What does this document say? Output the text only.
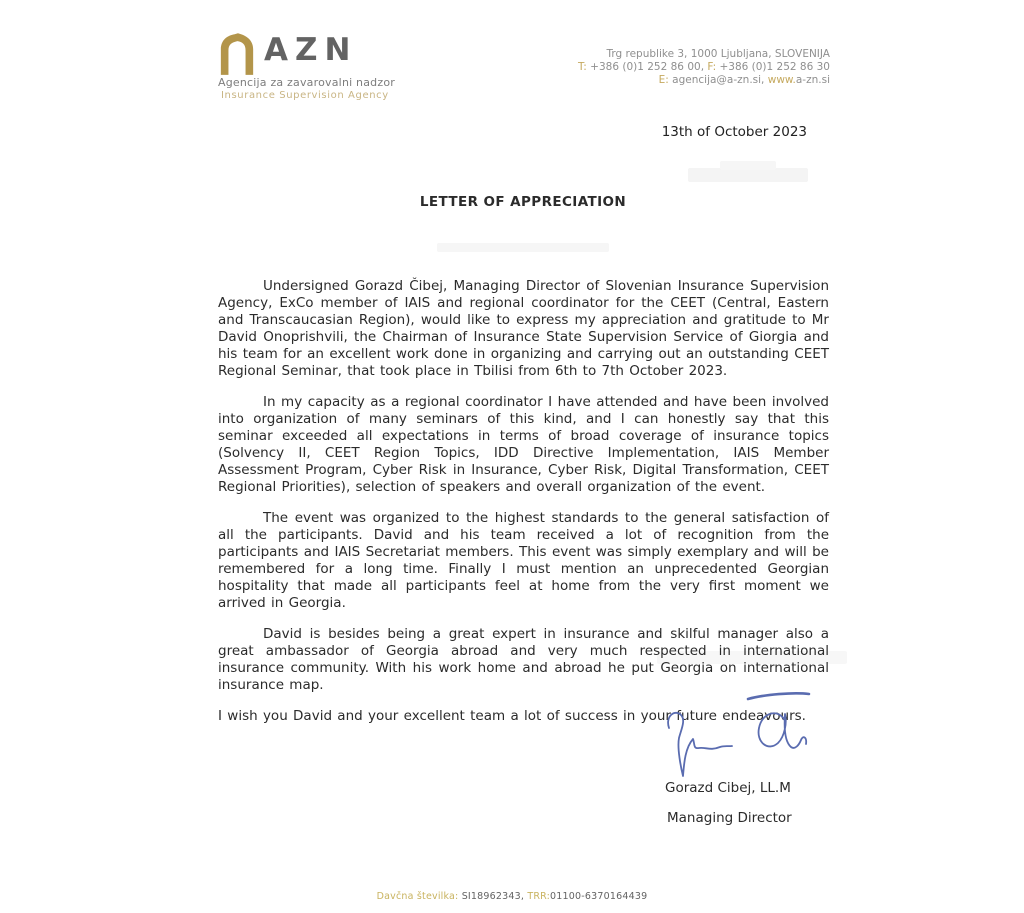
AZN
Agencija za zavarovalni nadzor
Insurance Supervision Agency
Trg republike 3, 1000 Ljubljana, SLOVENIJA
T: +386 (0)1 252 86 00, F: +386 (0)1 252 86 30
E: agencija@a-zn.si, www.a-zn.si
13th of October 2023
LETTER OF APPRECIATION

Undersigned Gorazd Čibej, Managing Director of Slovenian Insurance Supervision Agency, ExCo member of IAIS and regional coordinator for the CEET (Central, Eastern and Transcaucasian Region), would like to express my appreciation and gratitude to Mr David Onoprishvili, the Chairman of Insurance State Supervision Service of Giorgia and his team for an excellent work done in organizing and carrying out an outstanding CEET Regional Seminar, that took place in Tbilisi from 6th to 7th October 2023.

In my capacity as a regional coordinator I have attended and have been involved into organization of many seminars of this kind, and I can honestly say that this seminar exceeded all expectations in terms of broad coverage of insurance topics (Solvency II, CEET Region Topics, IDD Directive Implementation, IAIS Member Assessment Program, Cyber Risk in Insurance, Cyber Risk, Digital Transformation, CEET Regional Priorities), selection of speakers and overall organization of the event.

The event was organized to the highest standards to the general satisfaction of all the participants. David and his team received a lot of recognition from the participants and IAIS Secretariat members. This event was simply exemplary and will be remembered for a long time. Finally I must mention an unprecedented Georgian hospitality that made all participants feel at home from the very first moment we arrived in Georgia.

David is besides being a great expert in insurance and skilful manager also a great ambassador of Georgia abroad and very much respected in international insurance community. With his work home and abroad he put Georgia on international insurance map.

I wish you David and your excellent team a lot of success in your future endeavours.

Gorazd Cibej, LL.M
Managing Director
Davčna številka: SI18962343, TRR:01100-6370164439
